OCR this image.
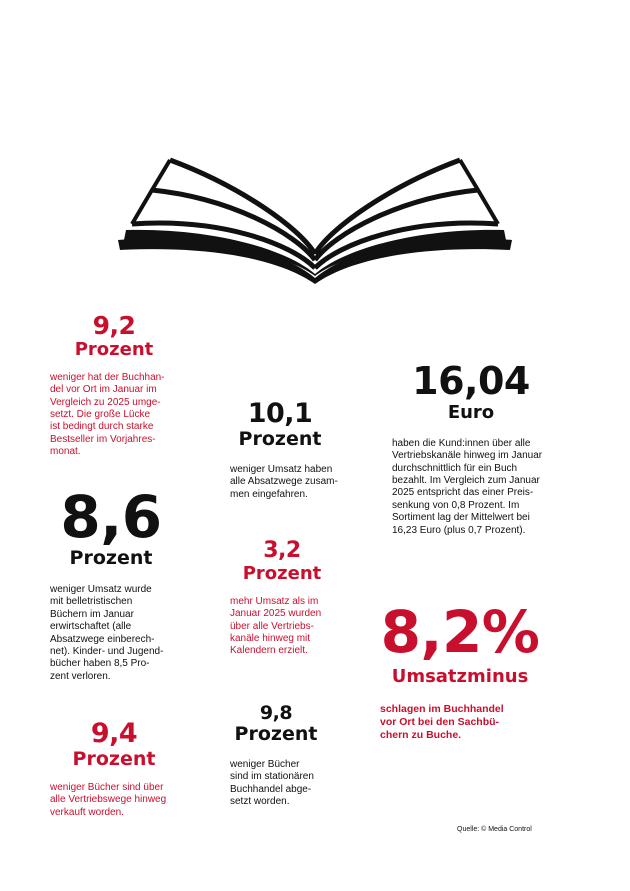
9,2
Prozent
weniger hat der Buchhan-
del vor Ort im Januar im
Vergleich zu 2025 umge-
setzt. Die große Lücke
ist bedingt durch starke
Bestseller im Vorjahres-
monat.
10,1
Prozent
weniger Umsatz haben
alle Absatzwege zusam-
men eingefahren.
16,04
Euro
haben die Kund:innen über alle
Vertriebskanäle hinweg im Januar
durchschnittlich für ein Buch
bezahlt. Im Vergleich zum Januar
2025 entspricht das einer Preis-
senkung von 0,8 Prozent. Im
Sortiment lag der Mittelwert bei
16,23 Euro (plus 0,7 Prozent).
8,6
Prozent
weniger Umsatz wurde
mit belletristischen
Büchern im Januar
erwirtschaftet (alle
Absatzwege einberech-
net). Kinder- und Jugend-
bücher haben 8,5 Pro-
zent verloren.
3,2
Prozent
mehr Umsatz als im
Januar 2025 wurden
über alle Vertriebs-
kanäle hinweg mit
Kalendern erzielt.	8,2%
Umsatzminus
schlagen im Buchhandel
vor Ort bei den Sachbü-
chern zu Buche.
9,4
Prozent
weniger Bücher sind über
alle Vertriebswege hinweg
verkauft worden.
9,8
Prozent
weniger Bücher
sind im stationären
Buchhandel abge-
setzt worden.
Quelle: © Media Control
